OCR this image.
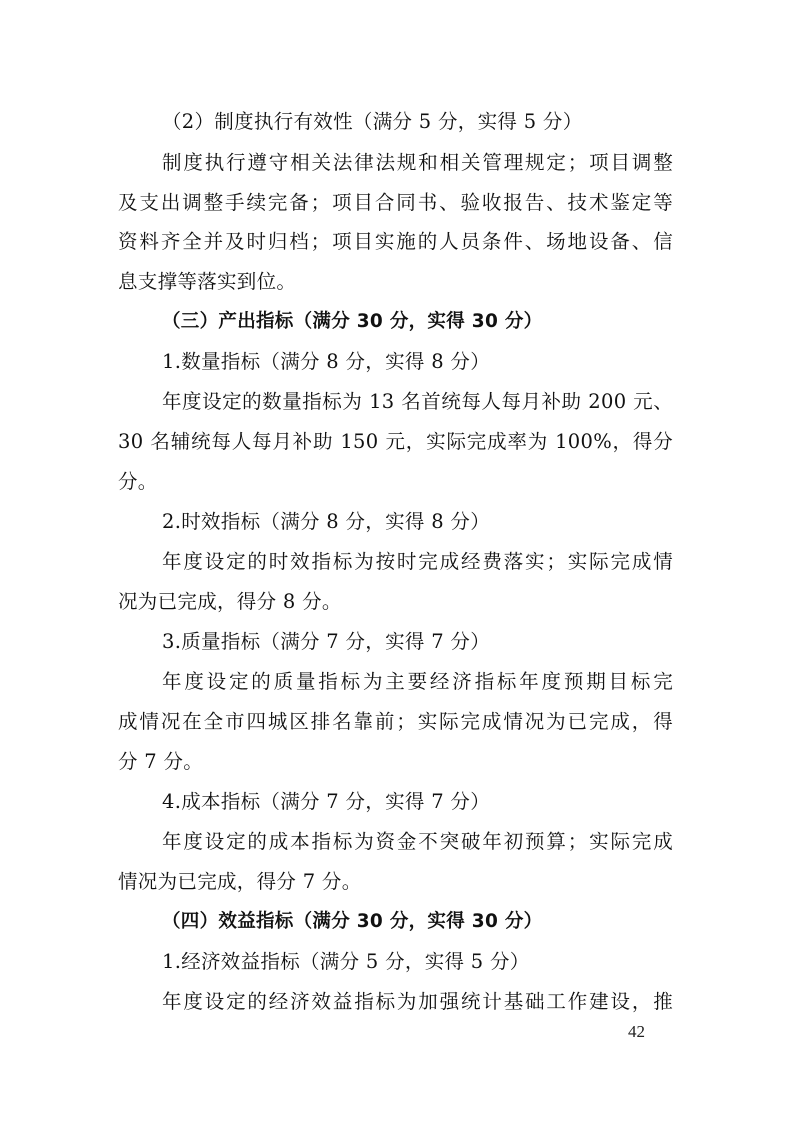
（2）制度执行有效性（满分 5 分，实得 5 分）
制度执行遵守相关法律法规和相关管理规定；项目调整
及支出调整手续完备；项目合同书、验收报告、技术鉴定等
资料齐全并及时归档；项目实施的人员条件、场地设备、信
息支撑等落实到位。
（三）产出指标（满分 30 分，实得 30 分）
1.数量指标（满分 8 分，实得 8 分）
年度设定的数量指标为 13 名首统每人每月补助 200 元、
30 名辅统每人每月补助 150 元，实际完成率为 100%，得分
分。
2.时效指标（满分 8 分，实得 8 分）
年度设定的时效指标为按时完成经费落实；实际完成情
况为已完成，得分 8 分。
3.质量指标（满分 7 分，实得 7 分）
年度设定的质量指标为主要经济指标年度预期目标完
成情况在全市四城区排名靠前；实际完成情况为已完成，得
分 7 分。
4.成本指标（满分 7 分，实得 7 分）
年度设定的成本指标为资金不突破年初预算；实际完成
情况为已完成，得分 7 分。
（四）效益指标（满分 30 分，实得 30 分）
1.经济效益指标（满分 5 分，实得 5 分）
年度设定的经济效益指标为加强统计基础工作建设，推
42
